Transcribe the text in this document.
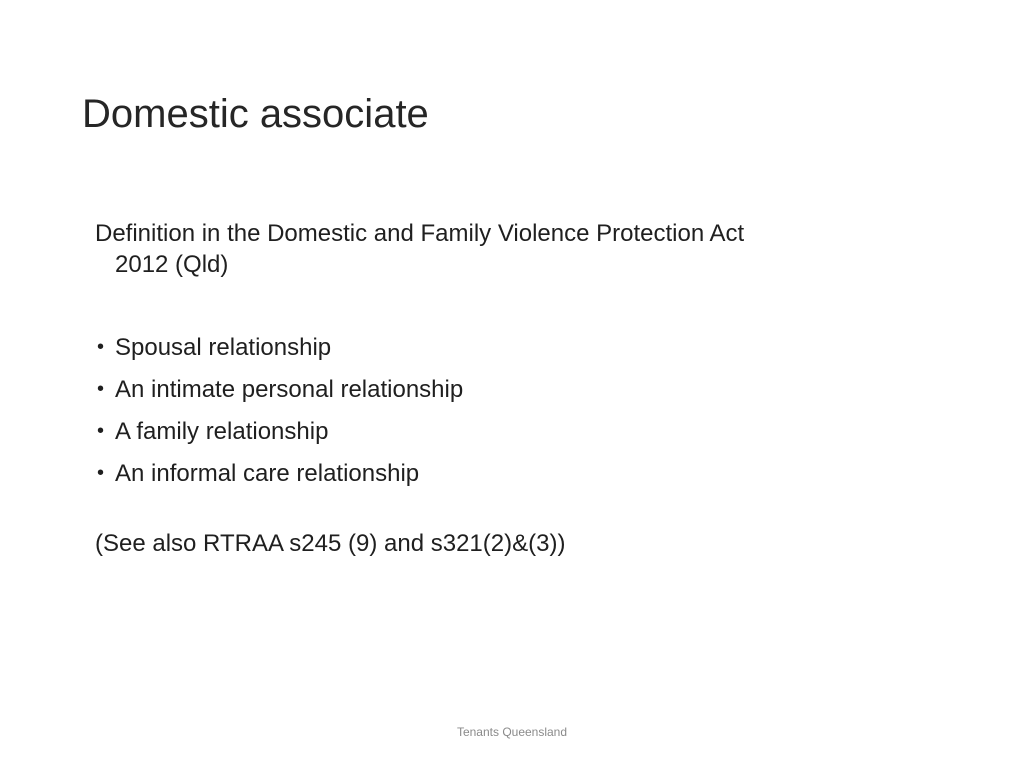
Domestic associate

Definition in the Domestic and Family Violence Protection Act
2012 (Qld)

• Spousal relationship
• An intimate personal relationship
• A family relationship
• An informal care relationship

(See also RTRAA s245 (9) and s321(2)&(3))

Tenants Queensland
